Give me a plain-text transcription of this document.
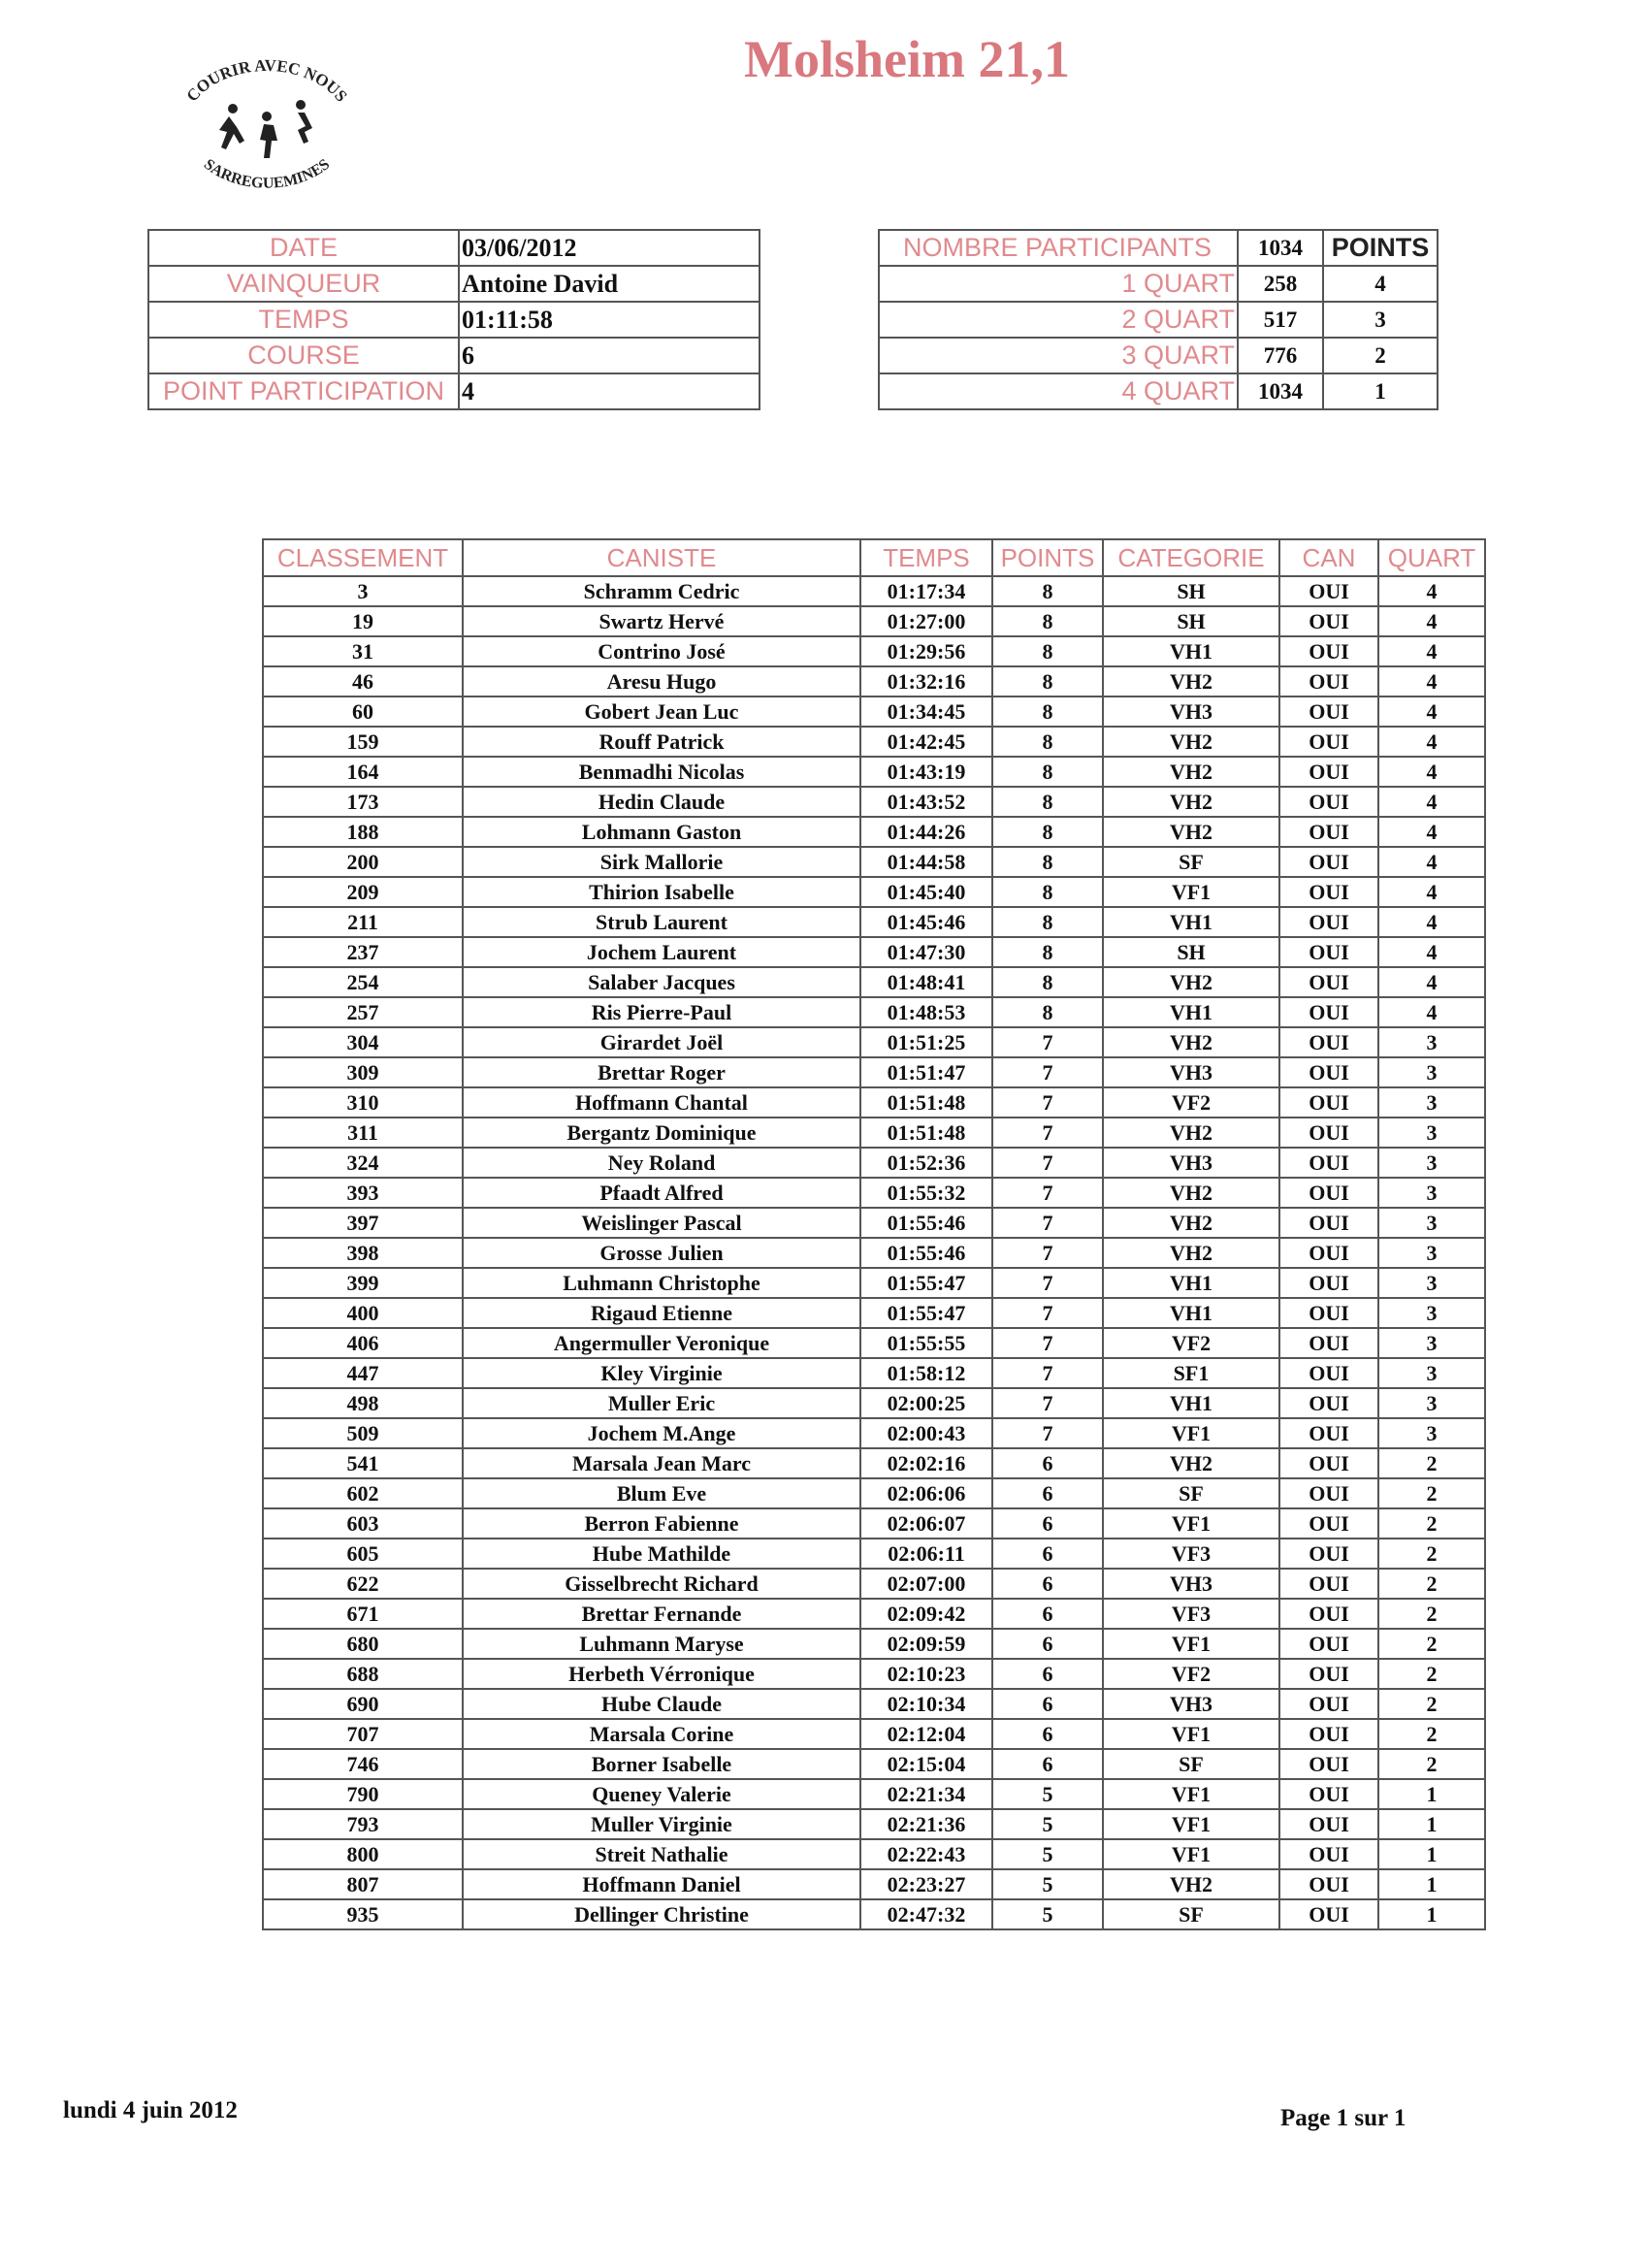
Molsheim 21,1
COURIR AVEC NOUS
SARREGUEMINES
DATE	03/06/2012
VAINQUEUR	Antoine David
TEMPS	01:11:58
COURSE	6
POINT PARTICIPATION	4
NOMBRE PARTICIPANTS	1034	POINTS
1 QUART	258	4
2 QUART	517	3
3 QUART	776	2
4 QUART	1034	1
CLASSEMENT	CANISTE	TEMPS	POINTS	CATEGORIE	CAN	QUART
3	Schramm Cedric	01:17:34	8	SH	OUI	4
19	Swartz Hervé	01:27:00	8	SH	OUI	4
31	Contrino José	01:29:56	8	VH1	OUI	4
46	Aresu Hugo	01:32:16	8	VH2	OUI	4
60	Gobert Jean Luc	01:34:45	8	VH3	OUI	4
159	Rouff Patrick	01:42:45	8	VH2	OUI	4
164	Benmadhi Nicolas	01:43:19	8	VH2	OUI	4
173	Hedin Claude	01:43:52	8	VH2	OUI	4
188	Lohmann Gaston	01:44:26	8	VH2	OUI	4
200	Sirk Mallorie	01:44:58	8	SF	OUI	4
209	Thirion Isabelle	01:45:40	8	VF1	OUI	4
211	Strub Laurent	01:45:46	8	VH1	OUI	4
237	Jochem Laurent	01:47:30	8	SH	OUI	4
254	Salaber Jacques	01:48:41	8	VH2	OUI	4
257	Ris Pierre-Paul	01:48:53	8	VH1	OUI	4
304	Girardet Joël	01:51:25	7	VH2	OUI	3
309	Brettar Roger	01:51:47	7	VH3	OUI	3
310	Hoffmann Chantal	01:51:48	7	VF2	OUI	3
311	Bergantz Dominique	01:51:48	7	VH2	OUI	3
324	Ney Roland	01:52:36	7	VH3	OUI	3
393	Pfaadt Alfred	01:55:32	7	VH2	OUI	3
397	Weislinger Pascal	01:55:46	7	VH2	OUI	3
398	Grosse Julien	01:55:46	7	VH2	OUI	3
399	Luhmann Christophe	01:55:47	7	VH1	OUI	3
400	Rigaud Etienne	01:55:47	7	VH1	OUI	3
406	Angermuller Veronique	01:55:55	7	VF2	OUI	3
447	Kley Virginie	01:58:12	7	SF1	OUI	3
498	Muller Eric	02:00:25	7	VH1	OUI	3
509	Jochem M.Ange	02:00:43	7	VF1	OUI	3
541	Marsala Jean Marc	02:02:16	6	VH2	OUI	2
602	Blum Eve	02:06:06	6	SF	OUI	2
603	Berron Fabienne	02:06:07	6	VF1	OUI	2
605	Hube Mathilde	02:06:11	6	VF3	OUI	2
622	Gisselbrecht Richard	02:07:00	6	VH3	OUI	2
671	Brettar Fernande	02:09:42	6	VF3	OUI	2
680	Luhmann Maryse	02:09:59	6	VF1	OUI	2
688	Herbeth Vérronique	02:10:23	6	VF2	OUI	2
690	Hube Claude	02:10:34	6	VH3	OUI	2
707	Marsala Corine	02:12:04	6	VF1	OUI	2
746	Borner Isabelle	02:15:04	6	SF	OUI	2
790	Queney Valerie	02:21:34	5	VF1	OUI	1
793	Muller Virginie	02:21:36	5	VF1	OUI	1
800	Streit Nathalie	02:22:43	5	VF1	OUI	1
807	Hoffmann Daniel	02:23:27	5	VH2	OUI	1
935	Dellinger Christine	02:47:32	5	SF	OUI	1
lundi 4 juin 2012	Page 1 sur 1
